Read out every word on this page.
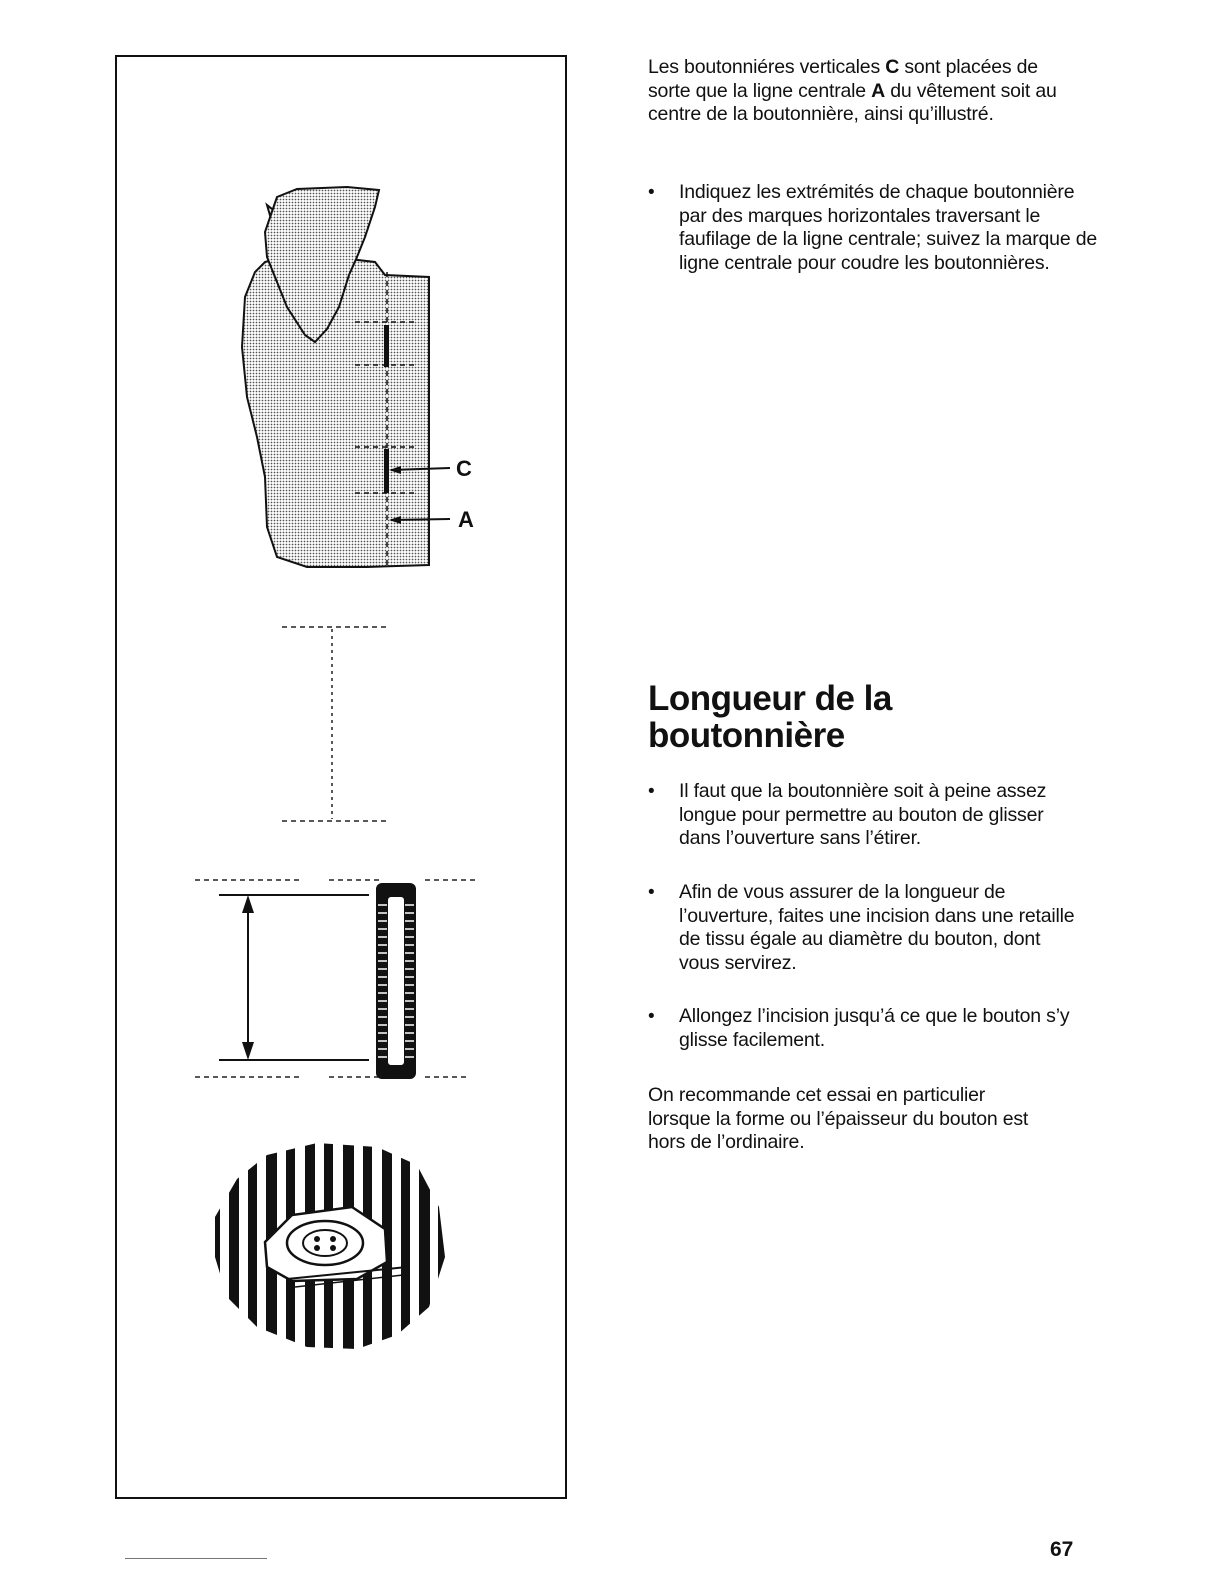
C
A

Les boutonniéres verticales C sont placées de sorte que la ligne centrale A du vêtement soit au centre de la boutonnière, ainsi qu’illustré.

• Indiquez les extrémités de chaque boutonnière par des marques horizontales traversant le faufilage de la ligne centrale; suivez la marque de ligne centrale pour coudre les boutonnières.

Longueur de la
boutonnière

• Il faut que la boutonnière soit à peine assez longue pour permettre au bouton de glisser dans l’ouverture sans l’étirer.

• Afin de vous assurer de la longueur de l’ouverture, faites une incision dans une retaille de tissu égale au diamètre du bouton, dont vous servirez.

• Allongez l’incision jusqu’á ce que le bouton s’y glisse facilement.

On recommande cet essai en particulier lorsque la forme ou l’épaisseur du bouton est hors de l’ordinaire.

67
